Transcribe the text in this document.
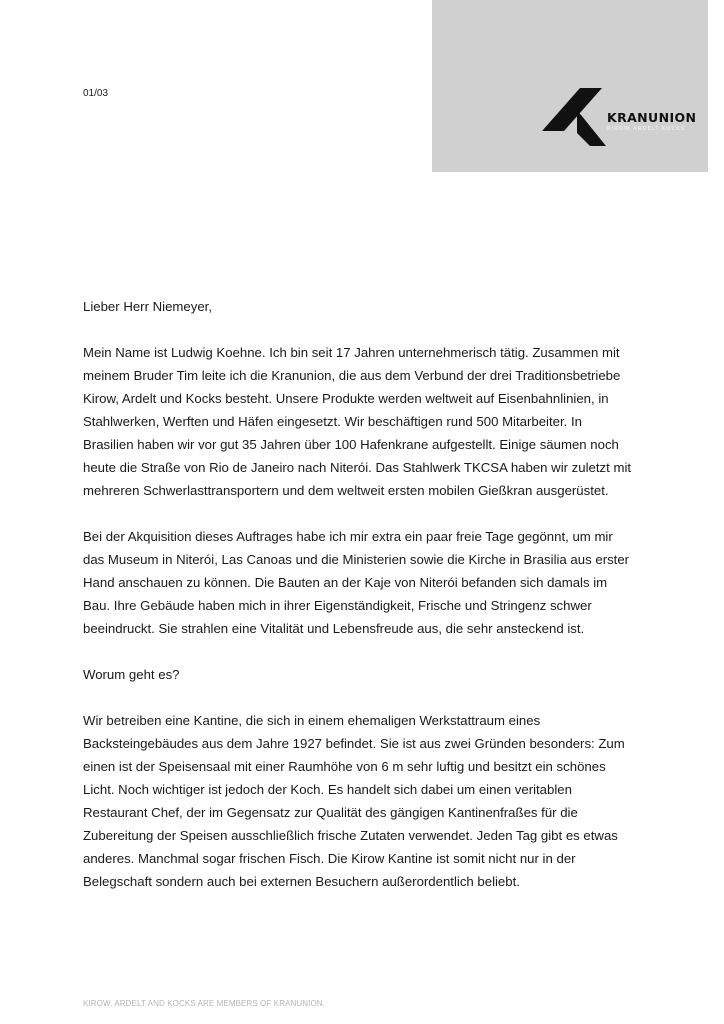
01/03
KRANUNION
KIROW ARDELT KOCKS
Lieber Herr Niemeyer,
Mein Name ist Ludwig Koehne. Ich bin seit 17 Jahren unternehmerisch tätig. Zusammen mit
meinem Bruder Tim leite ich die Kranunion, die aus dem Verbund der drei Traditionsbetriebe
Kirow, Ardelt und Kocks besteht. Unsere Produkte werden weltweit auf Eisenbahnlinien, in
Stahlwerken, Werften und Häfen eingesetzt. Wir beschäftigen rund 500 Mitarbeiter. In
Brasilien haben wir vor gut 35 Jahren über 100 Hafenkrane aufgestellt. Einige säumen noch
heute die Straße von Rio de Janeiro nach Niterói. Das Stahlwerk TKCSA haben wir zuletzt mit
mehreren Schwerlasttransportern und dem weltweit ersten mobilen Gießkran ausgerüstet.
Bei der Akquisition dieses Auftrages habe ich mir extra ein paar freie Tage gegönnt, um mir
das Museum in Niterói, Las Canoas und die Ministerien sowie die Kirche in Brasilia aus erster
Hand anschauen zu können. Die Bauten an der Kaje von Niterói befanden sich damals im
Bau. Ihre Gebäude haben mich in ihrer Eigenständigkeit, Frische und Stringenz schwer
beeindruckt. Sie strahlen eine Vitalität und Lebensfreude aus, die sehr ansteckend ist.
Worum geht es?
Wir betreiben eine Kantine, die sich in einem ehemaligen Werkstattraum eines
Backsteingebäudes aus dem Jahre 1927 befindet. Sie ist aus zwei Gründen besonders: Zum
einen ist der Speisensaal mit einer Raumhöhe von 6 m sehr luftig und besitzt ein schönes
Licht. Noch wichtiger ist jedoch der Koch. Es handelt sich dabei um einen veritablen
Restaurant Chef, der im Gegensatz zur Qualität des gängigen Kantinenfraßes für die
Zubereitung der Speisen ausschließlich frische Zutaten verwendet. Jeden Tag gibt es etwas
anderes. Manchmal sogar frischen Fisch. Die Kirow Kantine ist somit nicht nur in der
Belegschaft sondern auch bei externen Besuchern außerordentlich beliebt.
KIROW, ARDELT AND KOCKS ARE MEMBERS OF KRANUNION.
